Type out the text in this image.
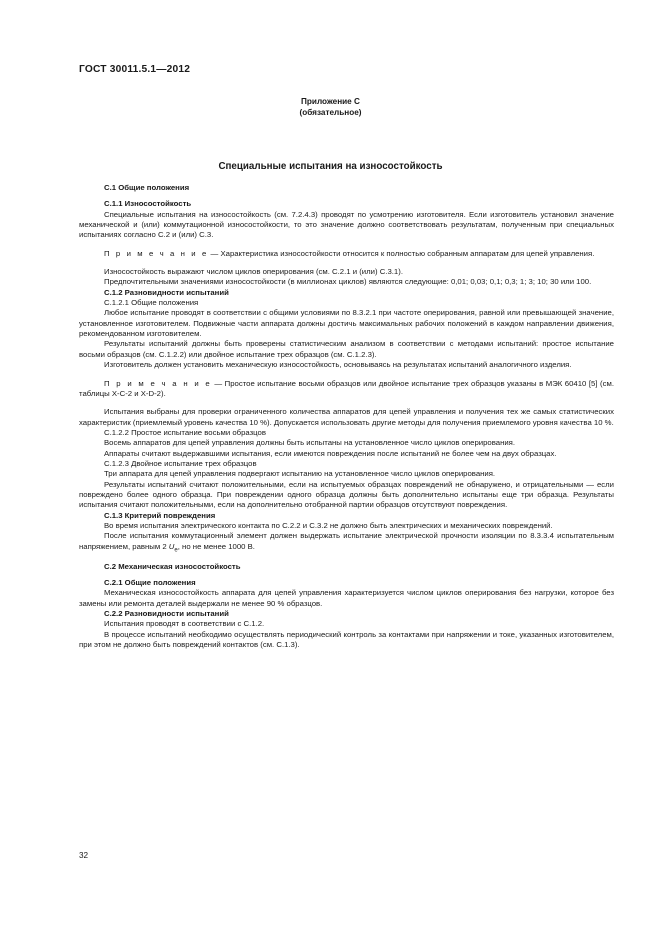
ГОСТ 30011.5.1—2012
Приложение С
(обязательное)
Специальные испытания на износостойкость
С.1 Общие положения
С.1.1 Износостойкость

Специальные испытания на износостойкость (см. 7.2.4.3) проводят по усмотрению изготовителя. Если изготовитель установил значение механической и (или) коммутационной износостойкости, то это значение должно соответствовать результатам, полученным при специальных испытаниях согласно С.2 и (или) С.3.

П р и м е ч а н и е — Характеристика износостойкости относится к полностью собранным аппаратам для цепей управления.

Износостойкость выражают числом циклов оперирования (см. С.2.1 и (или) С.3.1).

Предпочтительными значениями износостойкости (в миллионах циклов) являются следующие: 0,01; 0,03; 0,1; 0,3; 1; 3; 10; 30 или 100.

С.1.2 Разновидности испытаний
С.1.2.1 Общие положения

Любое испытание проводят в соответствии с общими условиями по 8.3.2.1 при частоте оперирования, равной или превышающей значение, установленное изготовителем. Подвижные части аппарата должны достичь максимальных рабочих положений в каждом направлении движения, рекомендованном изготовителем.

Результаты испытаний должны быть проверены статистическим анализом в соответствии с методами испытаний: простое испытание восьми образцов (см. С.1.2.2) или двойное испытание трех образцов (см. С.1.2.3).

Изготовитель должен установить механическую износостойкость, основываясь на результатах испытаний аналогичного изделия.

П р и м е ч а н и е — Простое испытание восьми образцов или двойное испытание трех образцов указаны в МЭК 60410 [5] (см. таблицы Х-С-2 и Х-D-2).

Испытания выбраны для проверки ограниченного количества аппаратов для цепей управления и получения тех же самых статистических характеристик (приемлемый уровень качества 10 %). Допускается использовать другие методы для получения приемлемого уровня качества 10 %.

С.1.2.2 Простое испытание восьми образцов

Восемь аппаратов для цепей управления должны быть испытаны на установленное число циклов оперирования.

Аппараты считают выдержавшими испытания, если имеются повреждения после испытаний не более чем на двух образцах.

С.1.2.3 Двойное испытание трех образцов

Три аппарата для цепей управления подвергают испытанию на установленное число циклов оперирования.

Результаты испытаний считают положительными, если на испытуемых образцах повреждений не обнаружено, и отрицательными — если повреждено более одного образца. При повреждении одного образца должны быть дополнительно испытаны еще три образца. Результаты испытания считают положительными, если на дополнительно отобранной партии образцов отсутствуют повреждения.

С.1.3 Критерий повреждения

Во время испытания электрического контакта по С.2.2 и С.3.2 не должно быть электрических и механических повреждений.

После испытания коммутационный элемент должен выдержать испытание электрической прочности изоляции по 8.3.3.4 испытательным напряжением, равным 2 $U_e$, но не менее 1000 В.

С.2 Механическая износостойкость
С.2.1 Общие положения

Механическая износостойкость аппарата для цепей управления характеризуется числом циклов оперирования без нагрузки, которое без замены или ремонта деталей выдержали не менее 90 % образцов.

С.2.2 Разновидности испытаний

Испытания проводят в соответствии с С.1.2.

В процессе испытаний необходимо осуществлять периодический контроль за контактами при напряжении и токе, указанных изготовителем, при этом не должно быть повреждений контактов (см. С.1.3).

32
